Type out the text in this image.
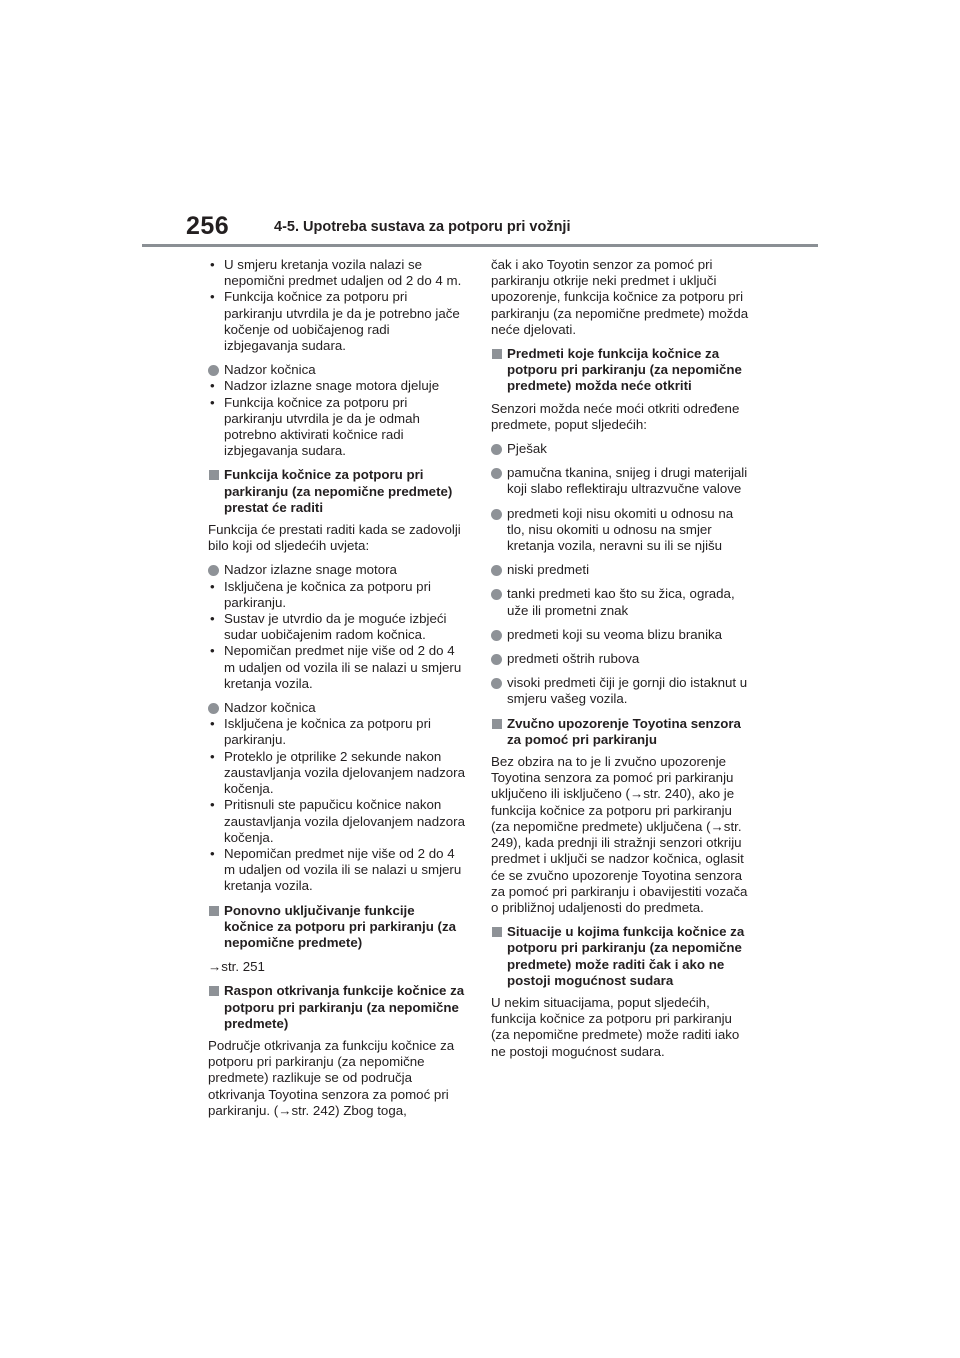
256	4-5. Upotreba sustava za potporu pri vožnji
• U smjeru kretanja vozila nalazi se nepomični predmet udaljen od 2 do 4 m.
• Funkcija kočnice za potporu pri parkiranju utvrdila je da je potrebno jače kočenje od uobičajenog radi izbjegavanja sudara.
Nadzor kočnica
• Nadzor izlazne snage motora djeluje
• Funkcija kočnice za potporu pri parkiranju utvrdila je da je odmah potrebno aktivirati kočnice radi izbjegavanja sudara.
Funkcija kočnice za potporu pri parkiranju (za nepomične predmete) prestat će raditi
Funkcija će prestati raditi kada se zadovolji bilo koji od sljedećih uvjeta:
Nadzor izlazne snage motora
• Isključena je kočnica za potporu pri parkiranju.
• Sustav je utvrdio da je moguće izbjeći sudar uobičajenim radom kočnica.
• Nepomičan predmet nije više od 2 do 4 m udaljen od vozila ili se nalazi u smjeru kretanja vozila.
Nadzor kočnica
• Isključena je kočnica za potporu pri parkiranju.
• Proteklo je otprilike 2 sekunde nakon zaustavljanja vozila djelovanjem nadzora kočenja.
• Pritisnuli ste papučicu kočnice nakon zaustavljanja vozila djelovanjem nadzora kočenja.
• Nepomičan predmet nije više od 2 do 4 m udaljen od vozila ili se nalazi u smjeru kretanja vozila.
Ponovno uključivanje funkcije kočnice za potporu pri parkiranju (za nepomične predmete)
→str. 251
Raspon otkrivanja funkcije kočnice za potporu pri parkiranju (za nepomične predmete)
Područje otkrivanja za funkciju kočnice za potporu pri parkiranju (za nepomične predmete) razlikuje se od područja otkrivanja Toyotina senzora za pomoć pri parkiranju. (→str. 242) Zbog toga,
čak i ako Toyotin senzor za pomoć pri parkiranju otkrije neki predmet i uključi upozorenje, funkcija kočnice za potporu pri parkiranju (za nepomične predmete) možda neće djelovati.
Predmeti koje funkcija kočnice za potporu pri parkiranju (za nepomične predmete) možda neće otkriti
Senzori možda neće moći otkriti određene predmete, poput sljedećih:
Pješak
pamučna tkanina, snijeg i drugi materijali koji slabo reflektiraju ultrazvučne valove
predmeti koji nisu okomiti u odnosu na tlo, nisu okomiti u odnosu na smjer kretanja vozila, neravni su ili se njišu
niski predmeti
tanki predmeti kao što su žica, ograda, uže ili prometni znak
predmeti koji su veoma blizu branika
predmeti oštrih rubova
visoki predmeti čiji je gornji dio istaknut u smjeru vašeg vozila.
Zvučno upozorenje Toyotina senzora za pomoć pri parkiranju
Bez obzira na to je li zvučno upozorenje Toyotina senzora za pomoć pri parkiranju uključeno ili isključeno (→str. 240), ako je funkcija kočnice za potporu pri parkiranju (za nepomične predmete) uključena (→str. 249), kada prednji ili stražnji senzori otkriju predmet i uključi se nadzor kočnica, oglasit će se zvučno upozorenje Toyotina senzora za pomoć pri parkiranju i obavijestiti vozača o približnoj udaljenosti do predmeta.
Situacije u kojima funkcija kočnice za potporu pri parkiranju (za nepomične predmete) može raditi čak i ako ne postoji mogućnost sudara
U nekim situacijama, poput sljedećih, funkcija kočnice za potporu pri parkiranju (za nepomične predmete) može raditi iako ne postoji mogućnost sudara.
